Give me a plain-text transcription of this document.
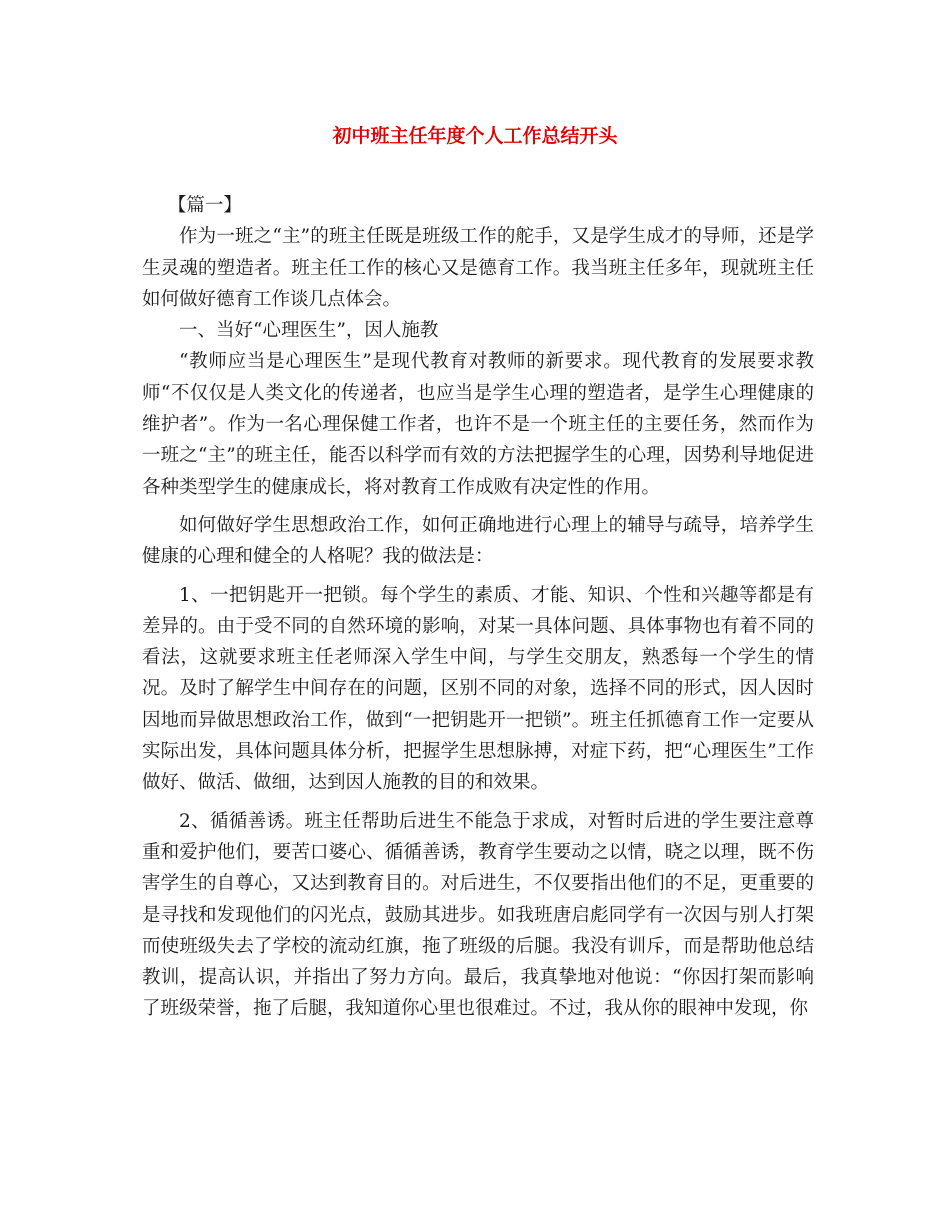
初中班主任年度个人工作总结开头

【篇一】

作为一班之“主”的班主任既是班级工作的舵手，又是学生成才的导师，还是学生灵魂的塑造者。班主任工作的核心又是德育工作。我当班主任多年，现就班主任如何做好德育工作谈几点体会。

一、当好“心理医生”，因人施教

“教师应当是心理医生”是现代教育对教师的新要求。现代教育的发展要求教师“不仅仅是人类文化的传递者，也应当是学生心理的塑造者，是学生心理健康的维护者”。作为一名心理保健工作者，也许不是一个班主任的主要任务，然而作为一班之“主”的班主任，能否以科学而有效的方法把握学生的心理，因势利导地促进各种类型学生的健康成长，将对教育工作成败有决定性的作用。

如何做好学生思想政治工作，如何正确地进行心理上的辅导与疏导，培养学生健康的心理和健全的人格呢？我的做法是：

1、一把钥匙开一把锁。每个学生的素质、才能、知识、个性和兴趣等都是有差异的。由于受不同的自然环境的影响，对某一具体问题、具体事物也有着不同的看法，这就要求班主任老师深入学生中间，与学生交朋友，熟悉每一个学生的情况。及时了解学生中间存在的问题，区别不同的对象，选择不同的形式，因人因时因地而异做思想政治工作，做到“一把钥匙开一把锁”。班主任抓德育工作一定要从实际出发，具体问题具体分析，把握学生思想脉搏，对症下药，把“心理医生”工作做好、做活、做细，达到因人施教的目的和效果。

2、循循善诱。班主任帮助后进生不能急于求成，对暂时后进的学生要注意尊重和爱护他们，要苦口婆心、循循善诱，教育学生要动之以情，晓之以理，既不伤害学生的自尊心，又达到教育目的。对后进生，不仅要指出他们的不足，更重要的是寻找和发现他们的闪光点，鼓励其进步。如我班唐启彪同学有一次因与别人打架而使班级失去了学校的流动红旗，拖了班级的后腿。我没有训斥，而是帮助他总结教训，提高认识，并指出了努力方向。最后，我真挚地对他说：“你因打架而影响了班级荣誉，拖了后腿，我知道你心里也很难过。不过，我从你的眼神中发现，你
